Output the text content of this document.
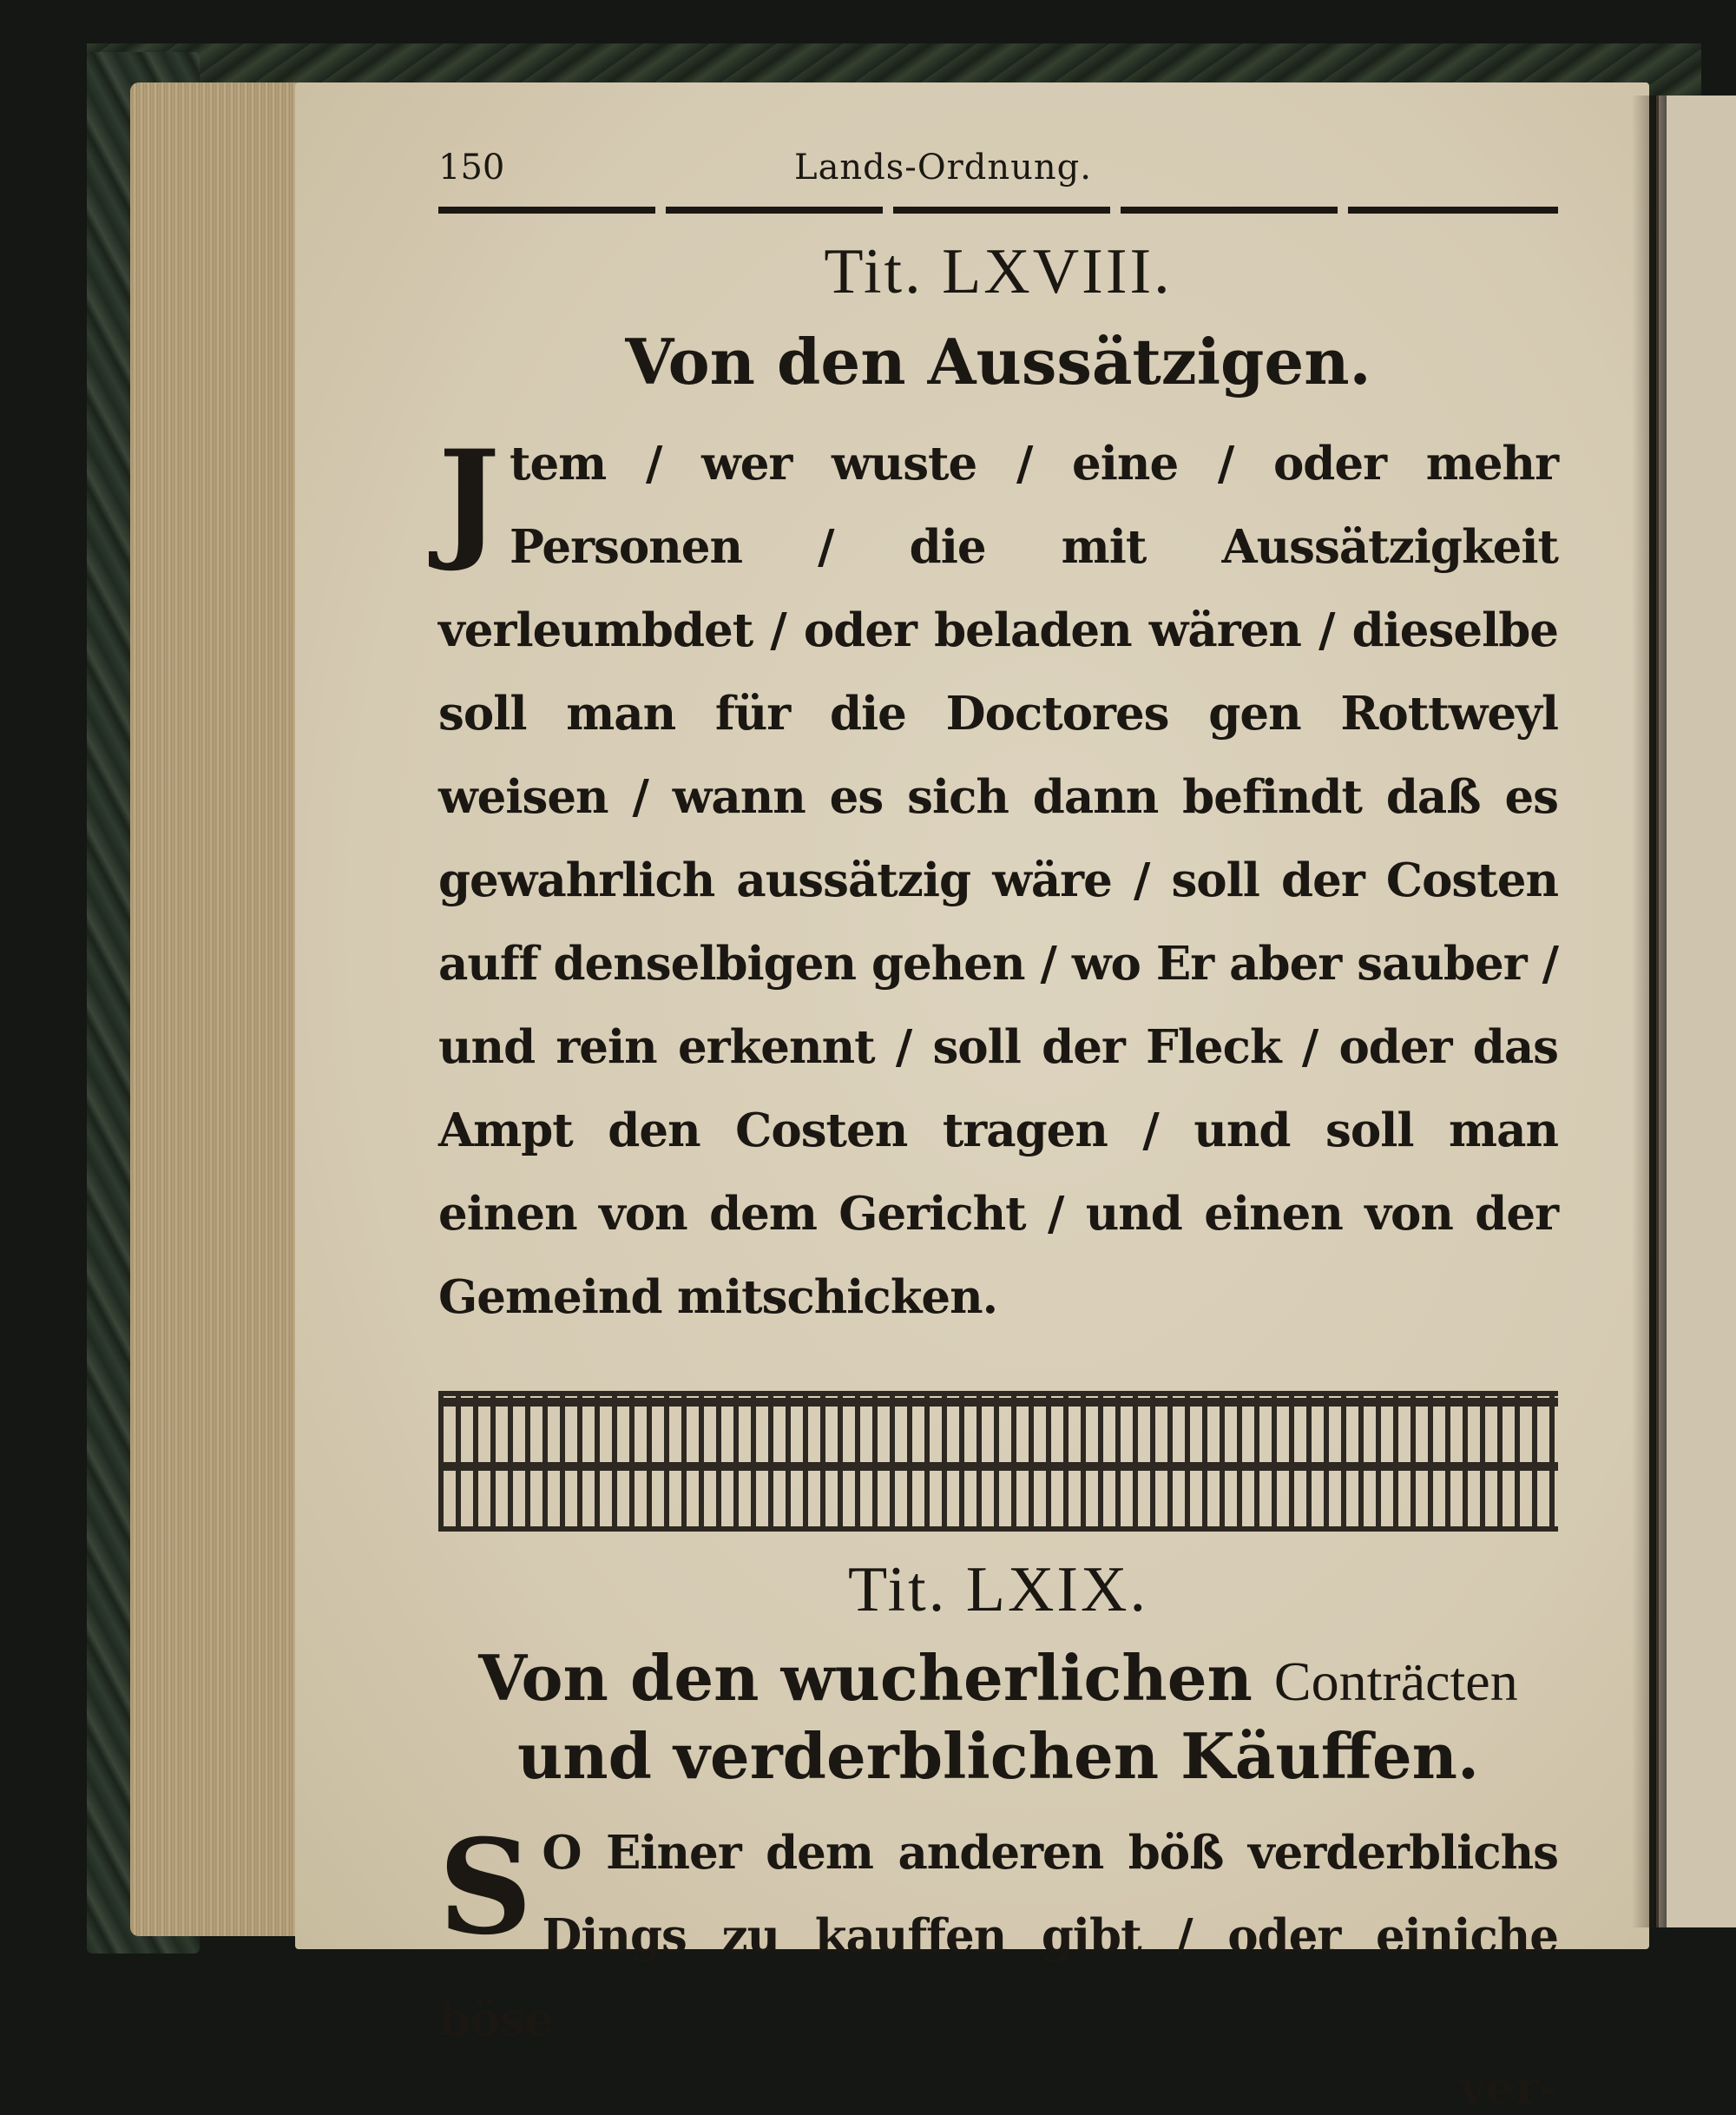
150	Lands-Ordnung.
Tit. LXVIII.
Von den Aussätzigen.
Jtem / wer wuste / eine / oder mehr Personen / die mit Aussätzigkeit verleumbdet / oder beladen wären / dieselbe soll man für die Doctores gen Rottweyl weisen / wann es sich dann befindt daß es gewahrlich aussätzig wäre / soll der Costen auff denselbigen gehen / wo Er aber sauber / und rein erkennt / soll der Fleck / oder das Ampt den Costen tragen / und soll man einen von dem Gericht / und einen von der Gemeind mitschicken.
Tit. LXIX.
Von den wucherlichen Conträcten und verderblichen Käuffen.
S O Einer dem anderen böß verderblichs Dings zu kauffen gibt / oder einiche böse
ver-
